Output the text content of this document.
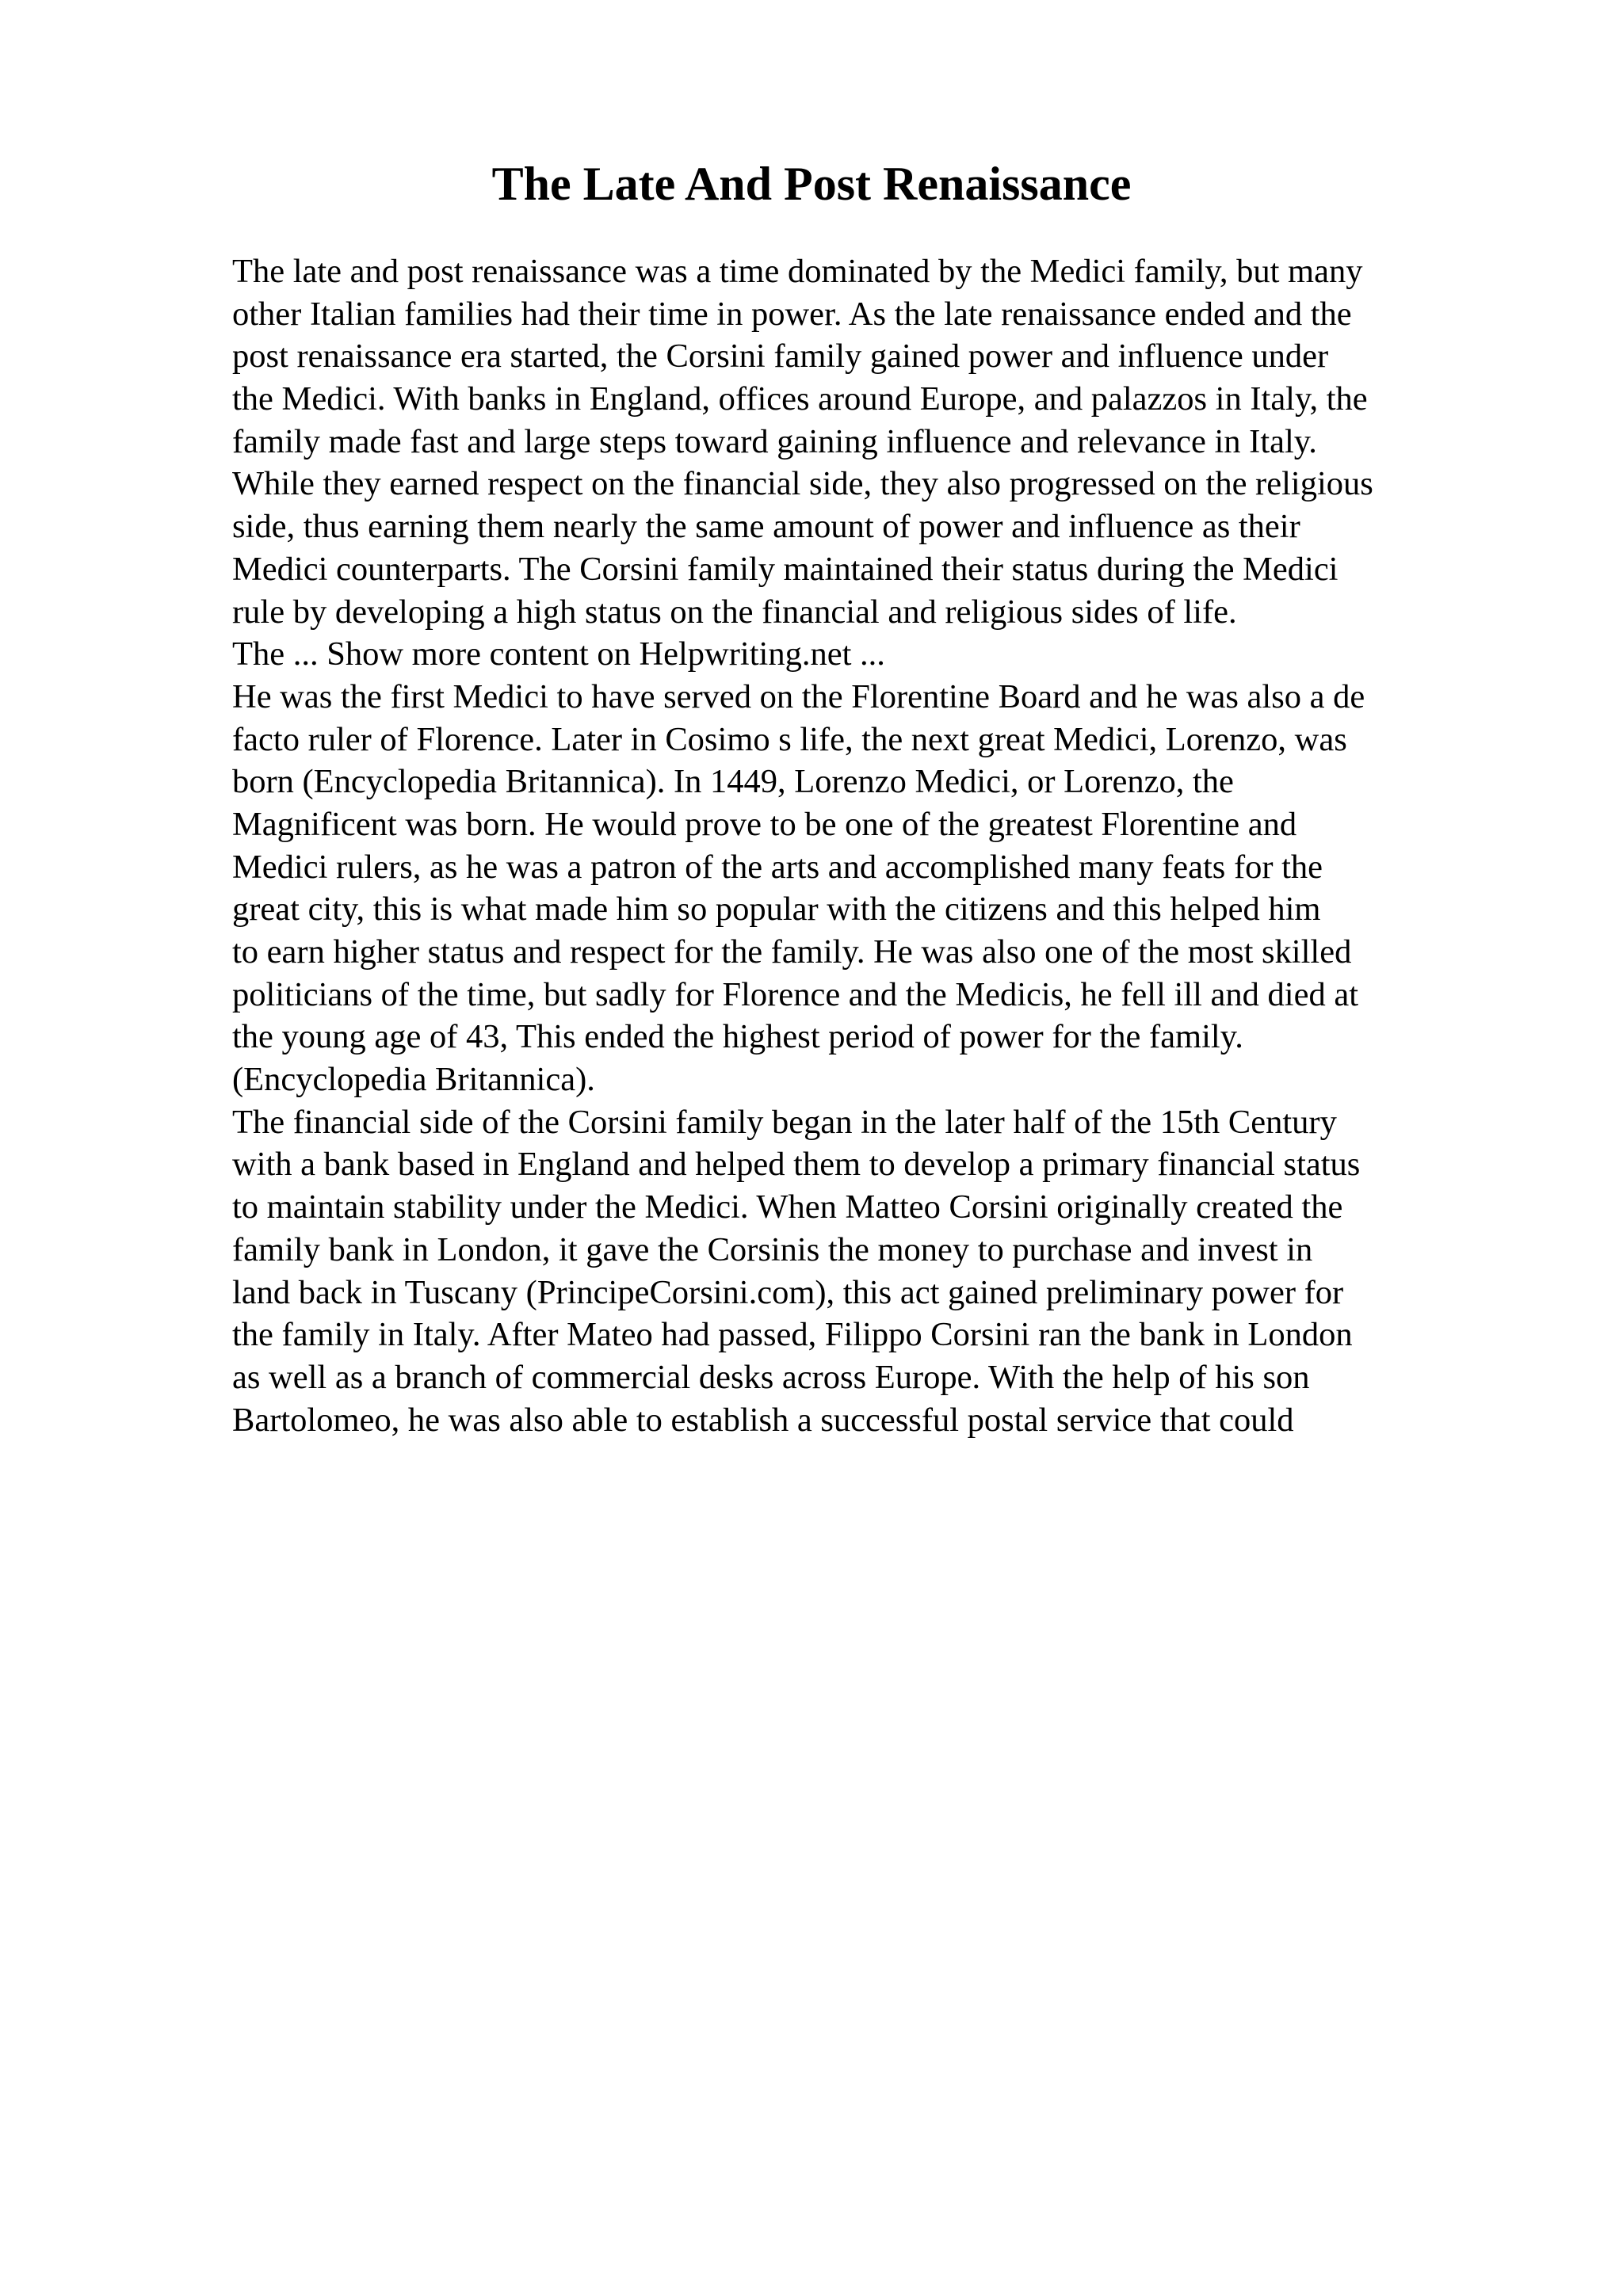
The Late And Post Renaissance
The late and post renaissance was a time dominated by the Medici family, but many
other Italian families had their time in power. As the late renaissance ended and the
post renaissance era started, the Corsini family gained power and influence under
the Medici. With banks in England, offices around Europe, and palazzos in Italy, the
family made fast and large steps toward gaining influence and relevance in Italy.
While they earned respect on the financial side, they also progressed on the religious
side, thus earning them nearly the same amount of power and influence as their
Medici counterparts. The Corsini family maintained their status during the Medici
rule by developing a high status on the financial and religious sides of life.
The ... Show more content on Helpwriting.net ...
He was the first Medici to have served on the Florentine Board and he was also a de
facto ruler of Florence. Later in Cosimo s life, the next great Medici, Lorenzo, was
born (Encyclopedia Britannica). In 1449, Lorenzo Medici, or Lorenzo, the
Magnificent was born. He would prove to be one of the greatest Florentine and
Medici rulers, as he was a patron of the arts and accomplished many feats for the
great city, this is what made him so popular with the citizens and this helped him
to earn higher status and respect for the family. He was also one of the most skilled
politicians of the time, but sadly for Florence and the Medicis, he fell ill and died at
the young age of 43, This ended the highest period of power for the family.
(Encyclopedia Britannica).
The financial side of the Corsini family began in the later half of the 15th Century
with a bank based in England and helped them to develop a primary financial status
to maintain stability under the Medici. When Matteo Corsini originally created the
family bank in London, it gave the Corsinis the money to purchase and invest in
land back in Tuscany (PrincipeCorsini.com), this act gained preliminary power for
the family in Italy. After Mateo had passed, Filippo Corsini ran the bank in London
as well as a branch of commercial desks across Europe. With the help of his son
Bartolomeo, he was also able to establish a successful postal service that could
